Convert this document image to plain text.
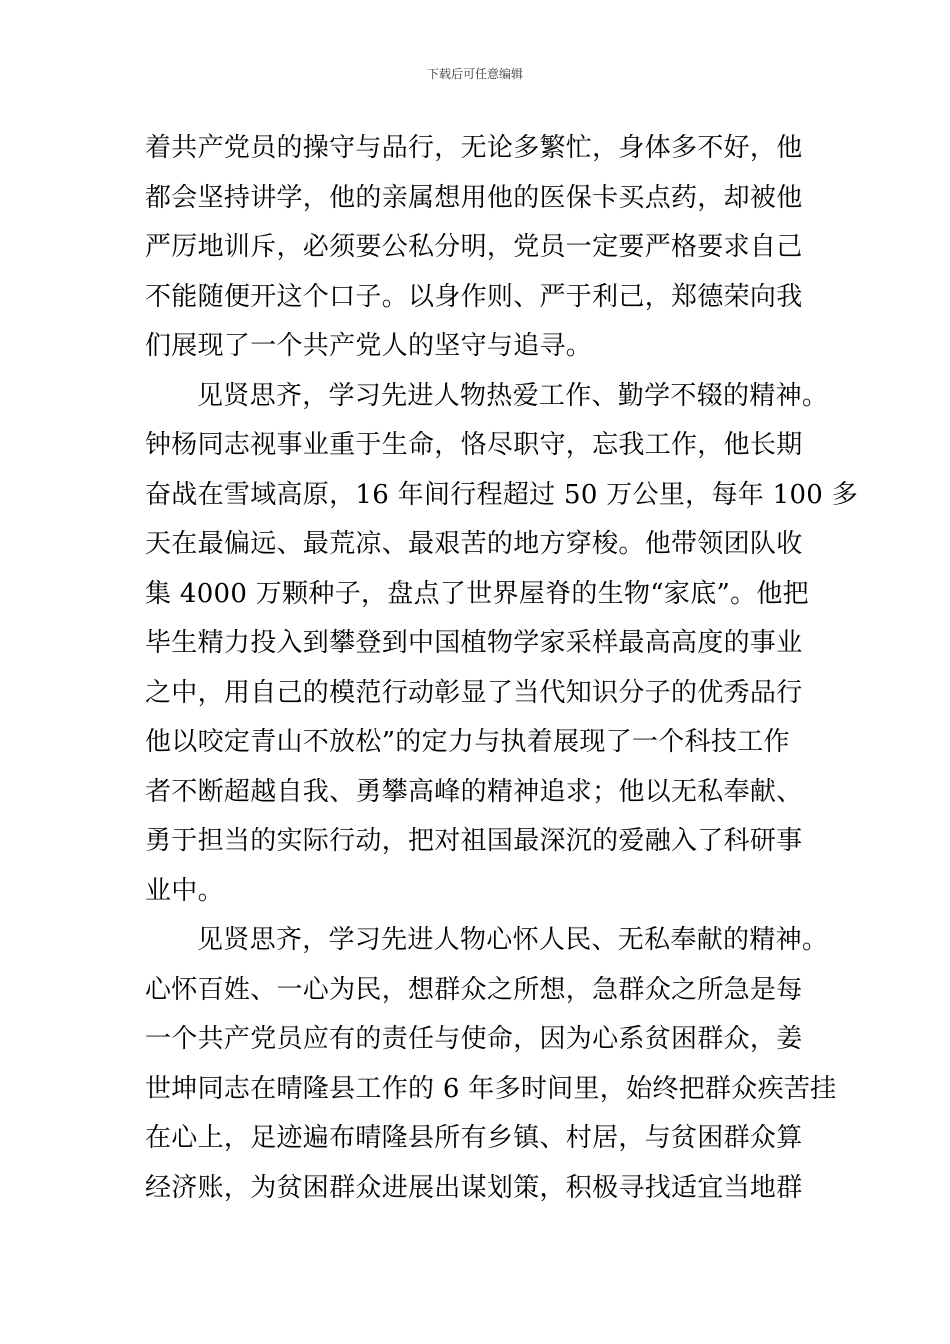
下载后可任意编辑
着共产党员的操守与品行，无论多繁忙，身体多不好，他
都会坚持讲学，他的亲属想用他的医保卡买点药，却被他
严厉地训斥，必须要公私分明，党员一定要严格要求自己
不能随便开这个口子。以身作则、严于利己，郑德荣向我
们展现了一个共产党人的坚守与追寻。
见贤思齐，学习先进人物热爱工作、勤学不辍的精神。
钟杨同志视事业重于生命，恪尽职守，忘我工作，他长期
奋战在雪域高原，16 年间行程超过 50 万公里，每年 100 多
天在最偏远、最荒凉、最艰苦的地方穿梭。他带领团队收
集 4000 万颗种子，盘点了世界屋脊的生物“家底”。他把
毕生精力投入到攀登到中国植物学家采样最高高度的事业
之中，用自己的模范行动彰显了当代知识分子的优秀品行
他以咬定青山不放松”的定力与执着展现了一个科技工作
者不断超越自我、勇攀高峰的精神追求；他以无私奉献、
勇于担当的实际行动，把对祖国最深沉的爱融入了科研事
业中。
见贤思齐，学习先进人物心怀人民、无私奉献的精神。
心怀百姓、一心为民，想群众之所想，急群众之所急是每
一个共产党员应有的责任与使命，因为心系贫困群众，姜
世坤同志在晴隆县工作的 6 年多时间里，始终把群众疾苦挂
在心上，足迹遍布晴隆县所有乡镇、村居，与贫困群众算
经济账，为贫困群众进展出谋划策，积极寻找适宜当地群
